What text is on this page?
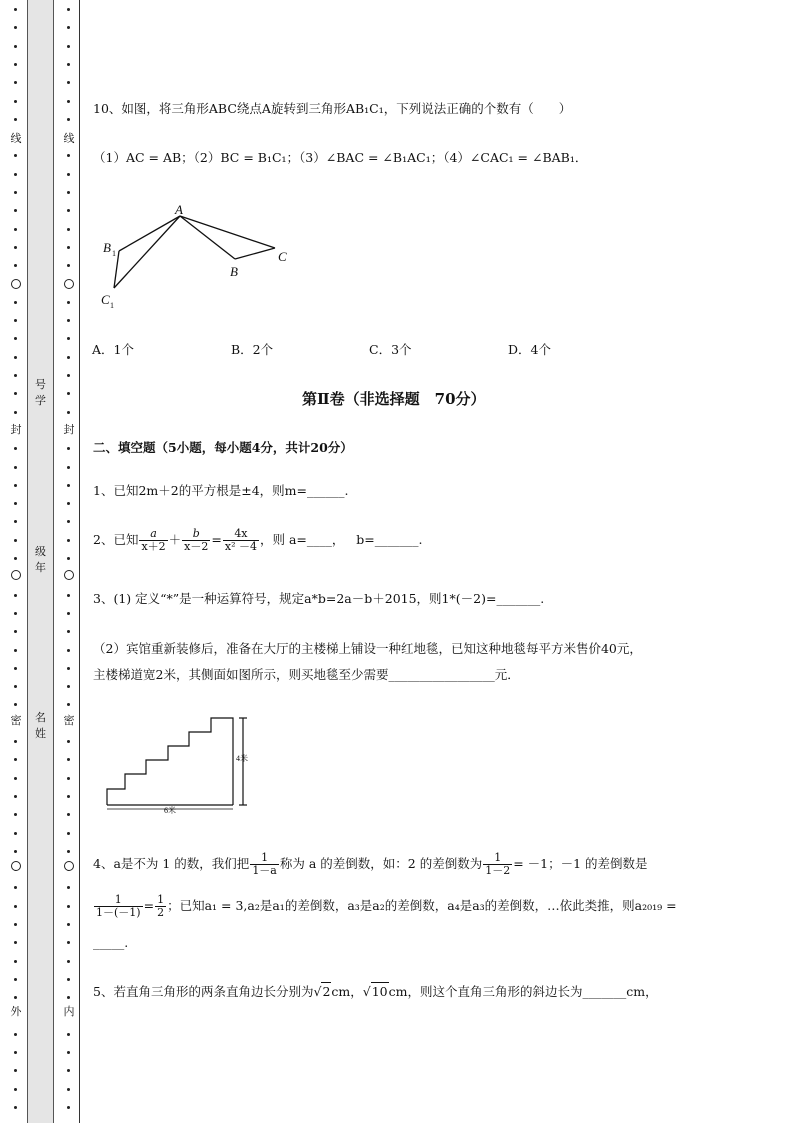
线
封
密
外
线
封
密
内
号学
级年
名姓
10、如图，将三角形ABC绕点A旋转到三角形AB₁C₁，下列说法正确的个数有（　　）
（1）AC = AB；（2）BC = B₁C₁；（3）∠BAC = ∠B₁AC₁；（4）∠CAC₁ = ∠BAB₁．
A
B
C
B 1
C 1
A．1个	B．2个	C．3个	D．4个
第Ⅱ卷（非选择题　70分）
二、填空题（5小题，每小题4分，共计20分）
1、已知2m＋2的平方根是±4，则m=______.
2、已知 $\frac{a}{x+2} + \frac{b}{x-2} = \frac{4x}{\text{x² －4}}$ ，则 a=____， b=_______.
3、(1) 定义“*”是一种运算符号，规定a*b=2a－b＋2015，则1*(－2)=_______.
（2）宾馆重新装修后，准备在大厅的主楼梯上铺设一种红地毯，已知这种地毯每平方米售价40元，
主楼梯道宽2米，其侧面如图所示，则买地毯至少需要_________________元．
4米
6米
4、a是不为 1 的数，我们把 $\frac{1}{1-a}$ 称为 a 的差倒数，如：2 的差倒数为 $\frac{1}{1-2} = -1$；－1 的差倒数是
$\frac{1}{1-(-1)} = \frac{1}{2}$ ；已知a₁ = 3,a₂是a₁的差倒数，a₃是a₂的差倒数，a₄是a₃的差倒数，…依此类推，则a₂₀₁₉ =
_____.
5、若直角三角形的两条直角边长分别为√2cm，√10cm，则这个直角三角形的斜边长为_______cm，
